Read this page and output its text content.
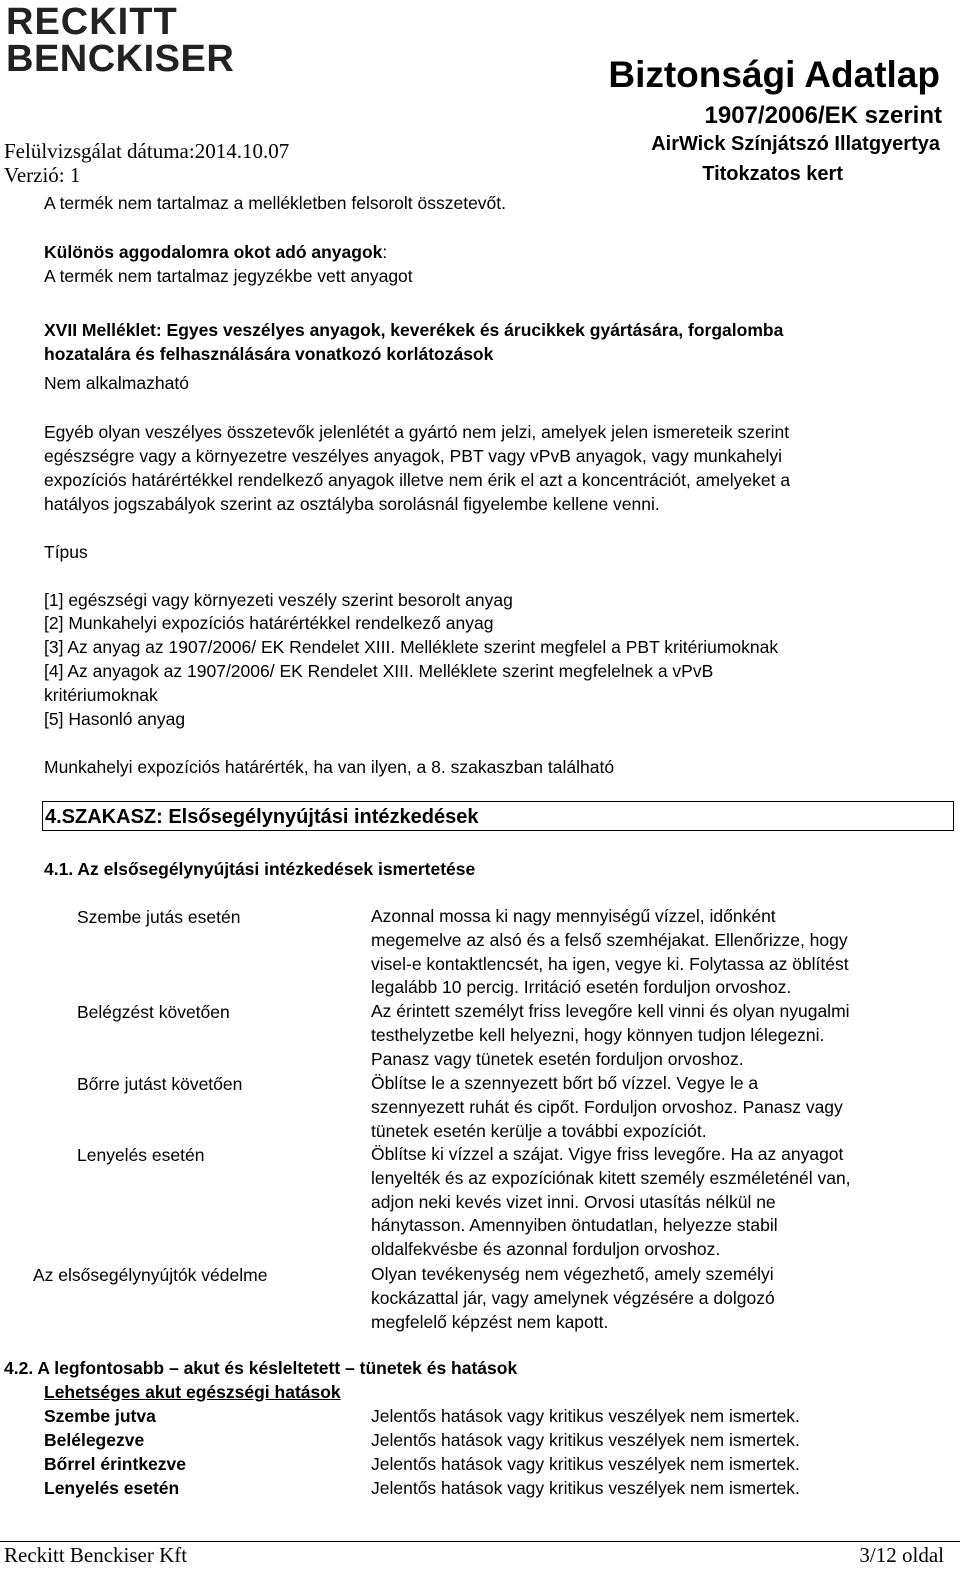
RECKITT
BENCKISER
Felülvizsgálat dátuma:2014.10.07
Verzió: 1
Biztonsági Adatlap
1907/2006/EK szerint
AirWick Színjátszó Illatgyertya
Titokzatos kert
A termék nem tartalmaz a mellékletben felsorolt összetevőt.
Különös aggodalomra okot adó anyagok:
A termék nem tartalmaz jegyzékbe vett anyagot
XVII Melléklet: Egyes veszélyes anyagok, keverékek és árucikkek gyártására, forgalomba
hozatalára és felhasználására vonatkozó korlátozások
Nem alkalmazható
Egyéb olyan veszélyes összetevők jelenlétét a gyártó nem jelzi, amelyek jelen ismereteik szerint
egészségre vagy a környezetre veszélyes anyagok, PBT vagy vPvB anyagok, vagy munkahelyi
expozíciós határértékkel rendelkező anyagok illetve nem érik el azt a koncentrációt, amelyeket a
hatályos jogszabályok szerint az osztályba sorolásnál figyelembe kellene venni.
Típus
[1] egészségi vagy környezeti veszély szerint besorolt anyag
[2] Munkahelyi expozíciós határértékkel rendelkező anyag
[3] Az anyag az 1907/2006/ EK Rendelet XIII. Melléklete szerint megfelel a PBT kritériumoknak
[4] Az anyagok az 1907/2006/ EK Rendelet XIII. Melléklete szerint megfelelnek a vPvB
kritériumoknak
[5] Hasonló anyag
Munkahelyi expozíciós határérték, ha van ilyen, a 8. szakaszban található
4.SZAKASZ: Elsősegélynyújtási intézkedések
4.1. Az elsősegélynyújtási intézkedések ismertetése
Szembe jutás esetén	Azonnal mossa ki nagy mennyiségű vízzel, időnként
megemelve az alsó és a felső szemhéjakat. Ellenőrizze, hogy
visel-e kontaktlencsét, ha igen, vegye ki. Folytassa az öblítést
legalább 10 percig. Irritáció esetén forduljon orvoshoz.
Belégzést követően	Az érintett személyt friss levegőre kell vinni és olyan nyugalmi
testhelyzetbe kell helyezni, hogy könnyen tudjon lélegezni.
Panasz vagy tünetek esetén forduljon orvoshoz.
Bőrre jutást követően	Öblítse le a szennyezett bőrt bő vízzel. Vegye le a
szennyezett ruhát és cipőt. Forduljon orvoshoz. Panasz vagy
tünetek esetén kerülje a további expozíciót.
Lenyelés esetén	Öblítse ki vízzel a szájat. Vigye friss levegőre. Ha az anyagot
lenyelték és az expozíciónak kitett személy eszméleténél van,
adjon neki kevés vizet inni. Orvosi utasítás nélkül ne
hánytasson. Amennyiben öntudatlan, helyezze stabil
oldalfekvésbe és azonnal forduljon orvoshoz.
Az elsősegélynyújtók védelme	Olyan tevékenység nem végezhető, amely személyi
kockázattal jár, vagy amelynek végzésére a dolgozó
megfelelő képzést nem kapott.
4.2. A legfontosabb – akut és késleltetett – tünetek és hatások
Lehetséges akut egészségi hatások
Szembe jutva	Jelentős hatások vagy kritikus veszélyek nem ismertek.
Belélegezve	Jelentős hatások vagy kritikus veszélyek nem ismertek.
Bőrrel érintkezve	Jelentős hatások vagy kritikus veszélyek nem ismertek.
Lenyelés esetén	Jelentős hatások vagy kritikus veszélyek nem ismertek.
Reckitt Benckiser Kft	3/12 oldal
